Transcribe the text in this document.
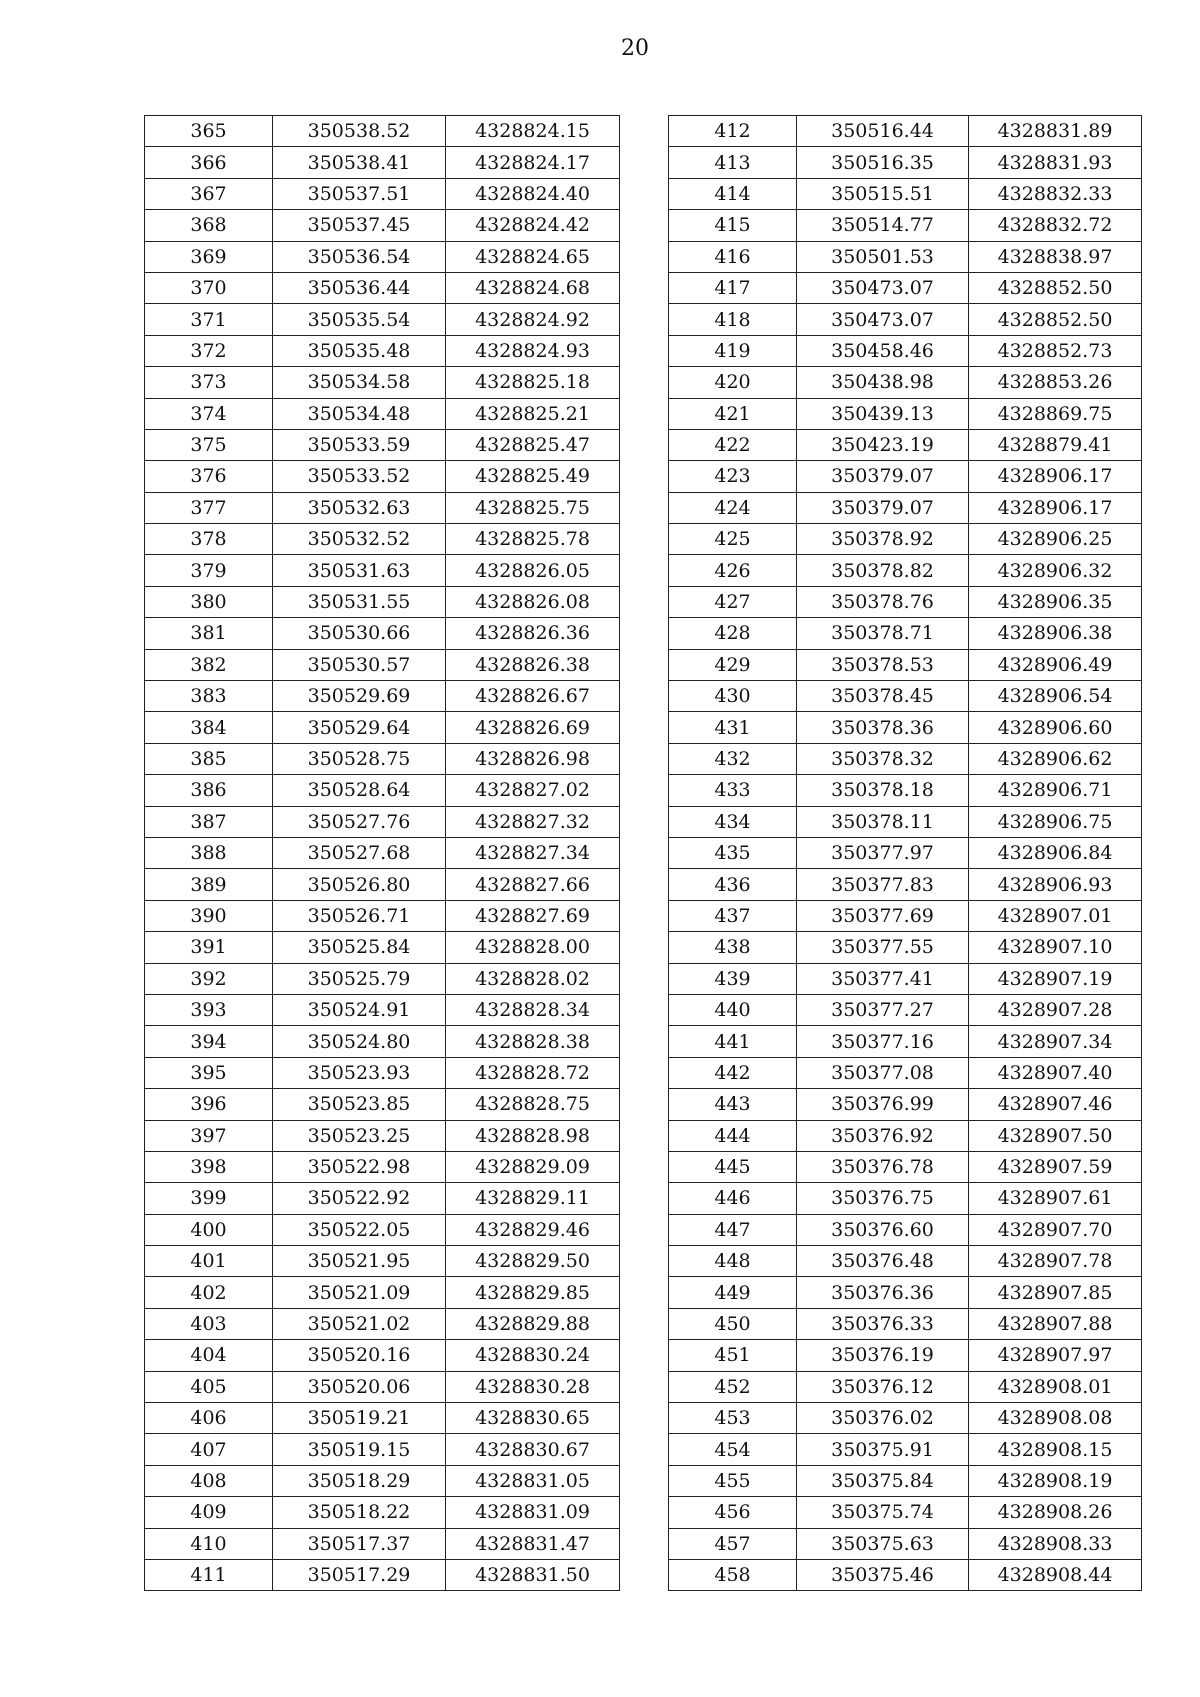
20
365	350538.52	4328824.15
366	350538.41	4328824.17
367	350537.51	4328824.40
368	350537.45	4328824.42
369	350536.54	4328824.65
370	350536.44	4328824.68
371	350535.54	4328824.92
372	350535.48	4328824.93
373	350534.58	4328825.18
374	350534.48	4328825.21
375	350533.59	4328825.47
376	350533.52	4328825.49
377	350532.63	4328825.75
378	350532.52	4328825.78
379	350531.63	4328826.05
380	350531.55	4328826.08
381	350530.66	4328826.36
382	350530.57	4328826.38
383	350529.69	4328826.67
384	350529.64	4328826.69
385	350528.75	4328826.98
386	350528.64	4328827.02
387	350527.76	4328827.32
388	350527.68	4328827.34
389	350526.80	4328827.66
390	350526.71	4328827.69
391	350525.84	4328828.00
392	350525.79	4328828.02
393	350524.91	4328828.34
394	350524.80	4328828.38
395	350523.93	4328828.72
396	350523.85	4328828.75
397	350523.25	4328828.98
398	350522.98	4328829.09
399	350522.92	4328829.11
400	350522.05	4328829.46
401	350521.95	4328829.50
402	350521.09	4328829.85
403	350521.02	4328829.88
404	350520.16	4328830.24
405	350520.06	4328830.28
406	350519.21	4328830.65
407	350519.15	4328830.67
408	350518.29	4328831.05
409	350518.22	4328831.09
410	350517.37	4328831.47
411	350517.29	4328831.50
412	350516.44	4328831.89
413	350516.35	4328831.93
414	350515.51	4328832.33
415	350514.77	4328832.72
416	350501.53	4328838.97
417	350473.07	4328852.50
418	350473.07	4328852.50
419	350458.46	4328852.73
420	350438.98	4328853.26
421	350439.13	4328869.75
422	350423.19	4328879.41
423	350379.07	4328906.17
424	350379.07	4328906.17
425	350378.92	4328906.25
426	350378.82	4328906.32
427	350378.76	4328906.35
428	350378.71	4328906.38
429	350378.53	4328906.49
430	350378.45	4328906.54
431	350378.36	4328906.60
432	350378.32	4328906.62
433	350378.18	4328906.71
434	350378.11	4328906.75
435	350377.97	4328906.84
436	350377.83	4328906.93
437	350377.69	4328907.01
438	350377.55	4328907.10
439	350377.41	4328907.19
440	350377.27	4328907.28
441	350377.16	4328907.34
442	350377.08	4328907.40
443	350376.99	4328907.46
444	350376.92	4328907.50
445	350376.78	4328907.59
446	350376.75	4328907.61
447	350376.60	4328907.70
448	350376.48	4328907.78
449	350376.36	4328907.85
450	350376.33	4328907.88
451	350376.19	4328907.97
452	350376.12	4328908.01
453	350376.02	4328908.08
454	350375.91	4328908.15
455	350375.84	4328908.19
456	350375.74	4328908.26
457	350375.63	4328908.33
458	350375.46	4328908.44
